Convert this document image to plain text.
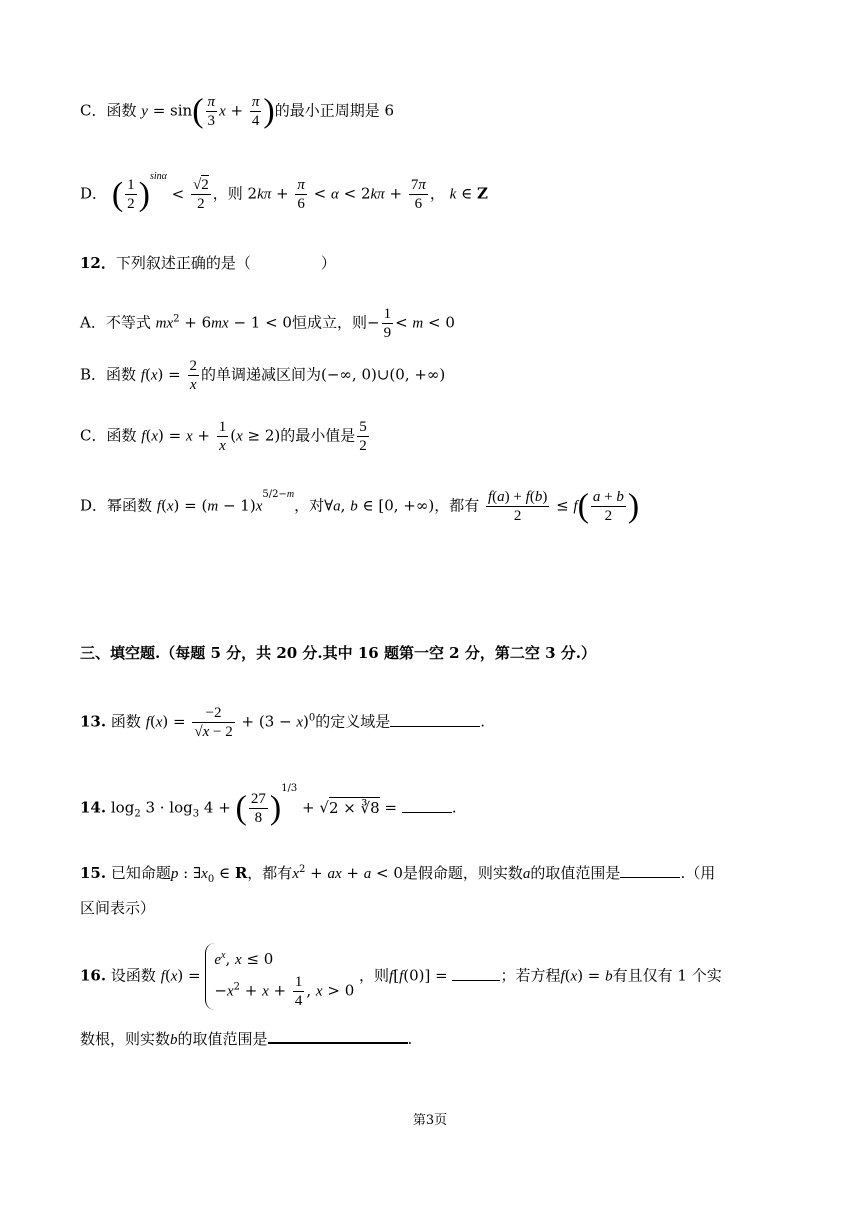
C．函数 $y = \sin( \frac{\pi}{3}$ $x + \frac{\pi}{4}$ )的最小正周期是 6
D． ( $\frac{1}{2} )^{sin\alpha} < \frac{√2}{2}$ ，则 $2k\pi + \frac{\pi}{6} < \alpha < 2k\pi + \frac{7\pi}{6}$ ， k ∈ Z
12．下列叙述正确的是（	）
A．不等式 $mx^2 + 6mx - 1 < 0$恒成立，则− $\frac{1}{9} < m < 0$
B．函数 $f(x) = \frac{2}{x}$ 的单调递减区间为(−∞, 0)∪(0, +∞)
C．函数 $f(x) = x + \frac{1}{x} (x \ge 2)$的最小值是 $\frac{5}{2}$
D．幂函数 $f(x) = (m - 1)x^{5/2-m}$，对∀a, b ∈ [0, +∞)，都有 $\frac{f(a) + f(b)}{2} \le f( \frac{a + b}{2}$ )
三、填空题.（每题 5 分，共 20 分.其中 16 题第一空 2 分，第二空 3 分.）
13. 函数 $f(x) = \frac{-2}{√x - 2} + (3 - x)^0$的定义域是	.
14. $\log_2 3 \cdot \log_3 4$ + ( $\frac{27}{8} )^{1/3} + √2$ × ∛8 =	.
15. 已知命题p : $\exists x_0$ ∈ R，都有$x^2$ + ax + a < 0是假命题，则实数a的取值范围是	.（用
区间表示）
16. 设函数 f(x) =
$e^x$, x ≤ 0
$-x^2 + x + \frac{1}{4}$ , x > 0
，则f[f(0)] =	；若方程f(x) = b有且仅有 1 个实
数根，则实数b的取值范围是	.
第3页
